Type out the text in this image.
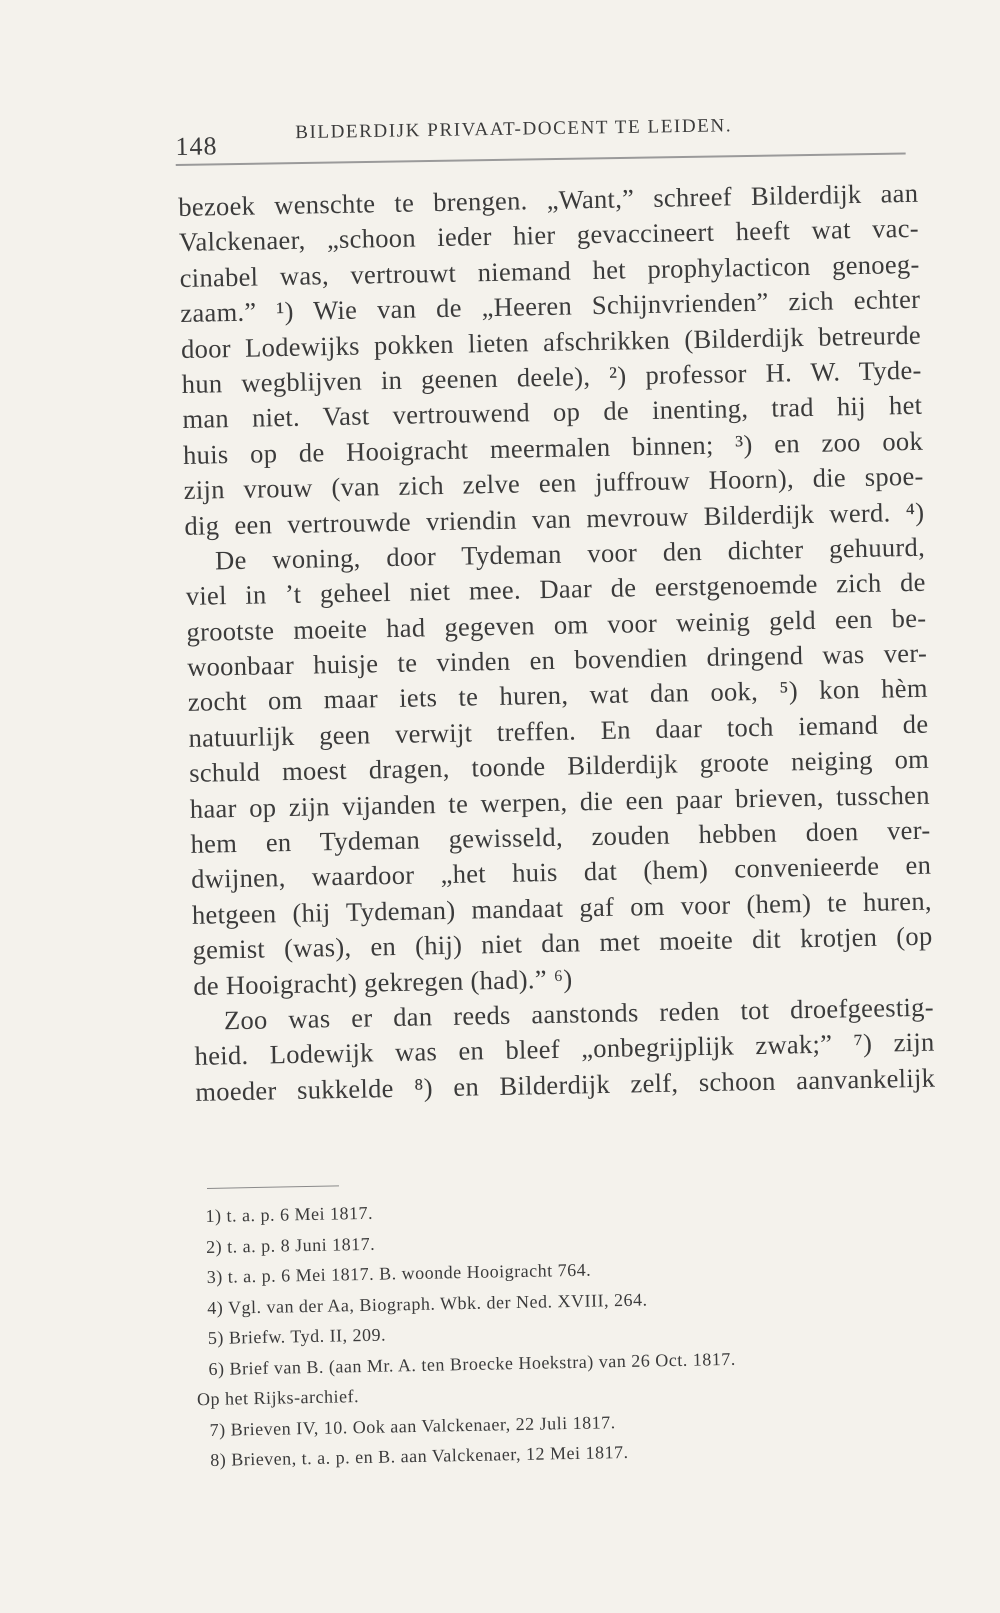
148
BILDERDIJK PRIVAAT-DOCENT TE LEIDEN.
bezoek wenschte te brengen. „Want,” schreef Bilderdijk aan
Valckenaer, „schoon ieder hier gevaccineert heeft wat vac-
cinabel was, vertrouwt niemand het prophylacticon genoeg-
zaam.” ¹) Wie van de „Heeren Schijnvrienden” zich echter
door Lodewijks pokken lieten afschrikken (Bilderdijk betreurde
hun wegblijven in geenen deele), ²) professor H. W. Tyde-
man niet. Vast vertrouwend op de inenting, trad hij het
huis op de Hooigracht meermalen binnen; ³) en zoo ook
zijn vrouw (van zich zelve een juffrouw Hoorn), die spoe-
dig een vertrouwde vriendin van mevrouw Bilderdijk werd. ⁴)
De woning, door Tydeman voor den dichter gehuurd,
viel in ’t geheel niet mee. Daar de eerstgenoemde zich de
grootste moeite had gegeven om voor weinig geld een be-
woonbaar huisje te vinden en bovendien dringend was ver-
zocht om maar iets te huren, wat dan ook, ⁵) kon hèm
natuurlijk geen verwijt treffen. En daar toch iemand de
schuld moest dragen, toonde Bilderdijk groote neiging om
haar op zijn vijanden te werpen, die een paar brieven, tusschen
hem en Tydeman gewisseld, zouden hebben doen ver-
dwijnen, waardoor „het huis dat (hem) convenieerde en
hetgeen (hij Tydeman) mandaat gaf om voor (hem) te huren,
gemist (was), en (hij) niet dan met moeite dit krotjen (op
de Hooigracht) gekregen (had).” ⁶)
Zoo was er dan reeds aanstonds reden tot droefgeestig-
heid. Lodewijk was en bleef „onbegrijplijk zwak;” ⁷) zijn
moeder sukkelde ⁸) en Bilderdijk zelf, schoon aanvankelijk
1) t. a. p. 6 Mei 1817.
2) t. a. p. 8 Juni 1817.
3) t. a. p. 6 Mei 1817. B. woonde Hooigracht 764.
4) Vgl. van der Aa, Biograph. Wbk. der Ned. XVIII, 264.
5) Briefw. Tyd. II, 209.
6) Brief van B. (aan Mr. A. ten Broecke Hoekstra) van 26 Oct. 1817.
Op het Rijks-archief.
7) Brieven IV, 10. Ook aan Valckenaer, 22 Juli 1817.
8) Brieven, t. a. p. en B. aan Valckenaer, 12 Mei 1817.
